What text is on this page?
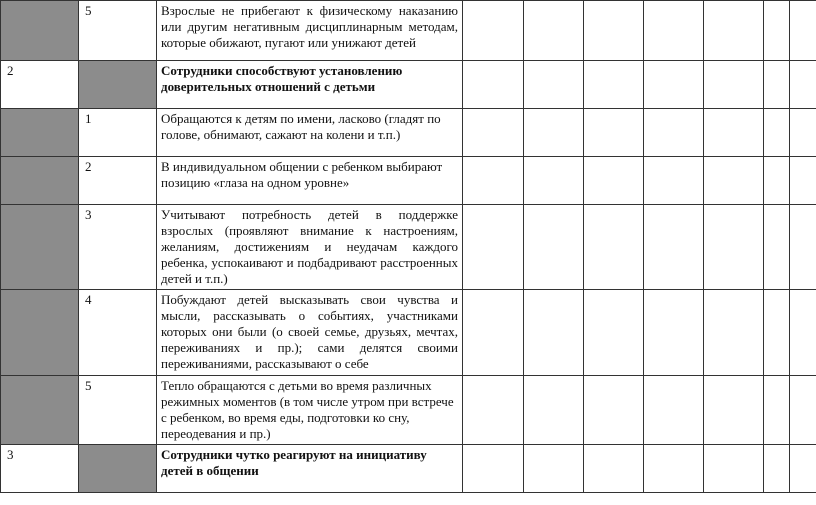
	5	Взрослые не прибегают к физическому наказанию или другим негативным дисциплинарным методам, которые обижают, пугают или унижают детей							
2		Сотрудники способствуют установлению доверительных отношений с детьми							
	1	Обращаются к детям по имени, ласково (гладят по голове, обнимают, сажают на колени и т.п.)							
	2	В индивидуальном общении с ребенком выбирают позицию «глаза на одном уровне»							
	3	Учитывают потребность детей в поддержке взрослых (проявляют внимание к настроениям, желаниям, достижениям и неудачам каждого ребенка, успокаивают и подбадривают расстроенных детей и т.п.)							
	4	Побуждают детей высказывать свои чувства и мысли, рассказывать о событиях, участниками которых они были (о своей семье, друзьях, мечтах, переживаниях и пр.); сами делятся своими переживаниями, рассказывают о себе							
	5	Тепло обращаются с детьми во время различных режимных моментов (в том числе утром при встрече с ребенком, во время еды, подготовки ко сну, переодевания и пр.)							
3		Сотрудники чутко реагируют на инициативу детей в общении							
